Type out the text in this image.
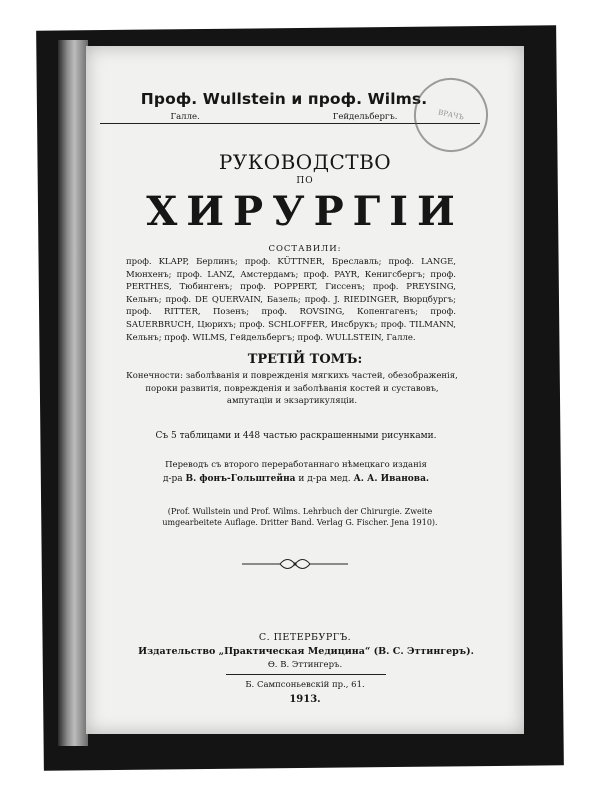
Проф. Wullstein и проф. Wilms.
Галле.	Гейдельбергъ.	ВРАЧЪ
РУКОВОДСТВО
ПО
ХИРУРГІИ
СОСТАВИЛИ:
проф. KLAPP, Берлинъ; проф. KÜTTNER, Бреславль; проф. LANGE, Мюнхенъ; проф. LANZ, Амстердамъ; проф. PAYR, Кенигсбергъ; проф. PERTHES, Тюбингенъ; проф. POPPERT, Гиссенъ; проф. PREYSING, Кельнъ; проф. DE QUERVAIN, Базель; проф. J. RIEDINGER, Вюрцбургъ; проф. RITTER, Позенъ; проф. ROVSING, Копенгагенъ; проф. SAUERBRUCH, Цюрихъ; проф. SCHLOFFER, Инсбрукъ; проф. TILMANN, Кельнъ; проф. WILMS, Гейдельбергъ; проф. WULLSTEIN, Галле.
ТРЕТІЙ ТОМЪ:
Конечности: заболѣванія и поврежденія мягкихъ частей, обезображенія, пороки развитія, поврежденія и заболѣванія костей и суставовъ, ампутаціи и экзартикуляціи.
Съ 5 таблицами и 448 частью раскрашенными рисунками.
Переводъ съ второго переработаннаго нѣмецкаго изданія
д-ра В. фонъ-Гольштейна и д-ра мед. А. А. Иванова.
(Prof. Wullstein und Prof. Wilms. Lehrbuch der Chirurgie. Zweite umgearbeitete Auflage. Dritter Band. Verlag G. Fischer. Jena 1910).
С. ПЕТЕРБУРГЪ.
Издательство „Практическая Медицина“ (В. С. Эттингеръ).
Ѳ. В. Эттингеръ.
Б. Сампсоньевскій пр., 61.
1913.
